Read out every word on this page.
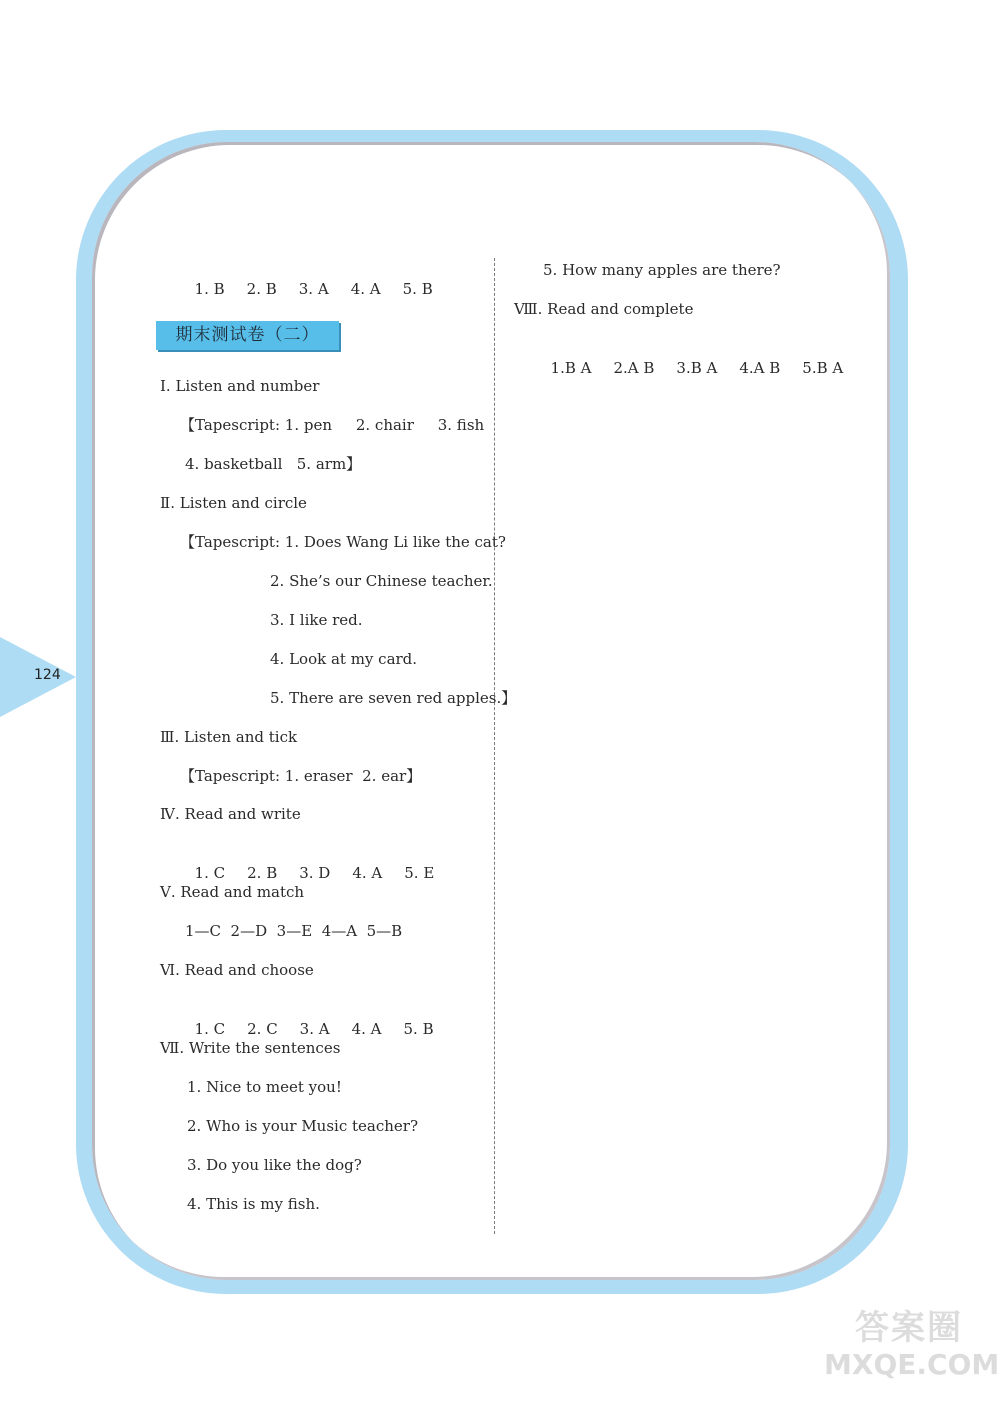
124

1. B 2. B 3. A 4. A 5. B

期末测试卷（二）
Ⅰ. Listen and number
【Tapescript: 1. pen     2. chair     3. fish
4. basketball   5. arm】
Ⅱ. Listen and circle
【Tapescript: 1. Does Wang Li like the cat?
2. She’s our Chinese teacher.
3. I like red.
4. Look at my card.
5. There are seven red apples.】
Ⅲ. Listen and tick
【Tapescript: 1. eraser  2. ear】
Ⅳ. Read and write

1. C 2. B 3. D 4. A 5. E

Ⅴ. Read and match
1—C  2—D  3—E  4—A  5—B
Ⅵ. Read and choose

1. C 2. C 3. A 4. A 5. B

Ⅶ. Write the sentences
1. Nice to meet you!
2. Who is your Music teacher?
3. Do you like the dog?
4. This is my fish.
5. How many apples are there?
Ⅷ. Read and complete

1.B A 2.A B 3.B A 4.A B 5.B A

答案圈
MXQE.COM
